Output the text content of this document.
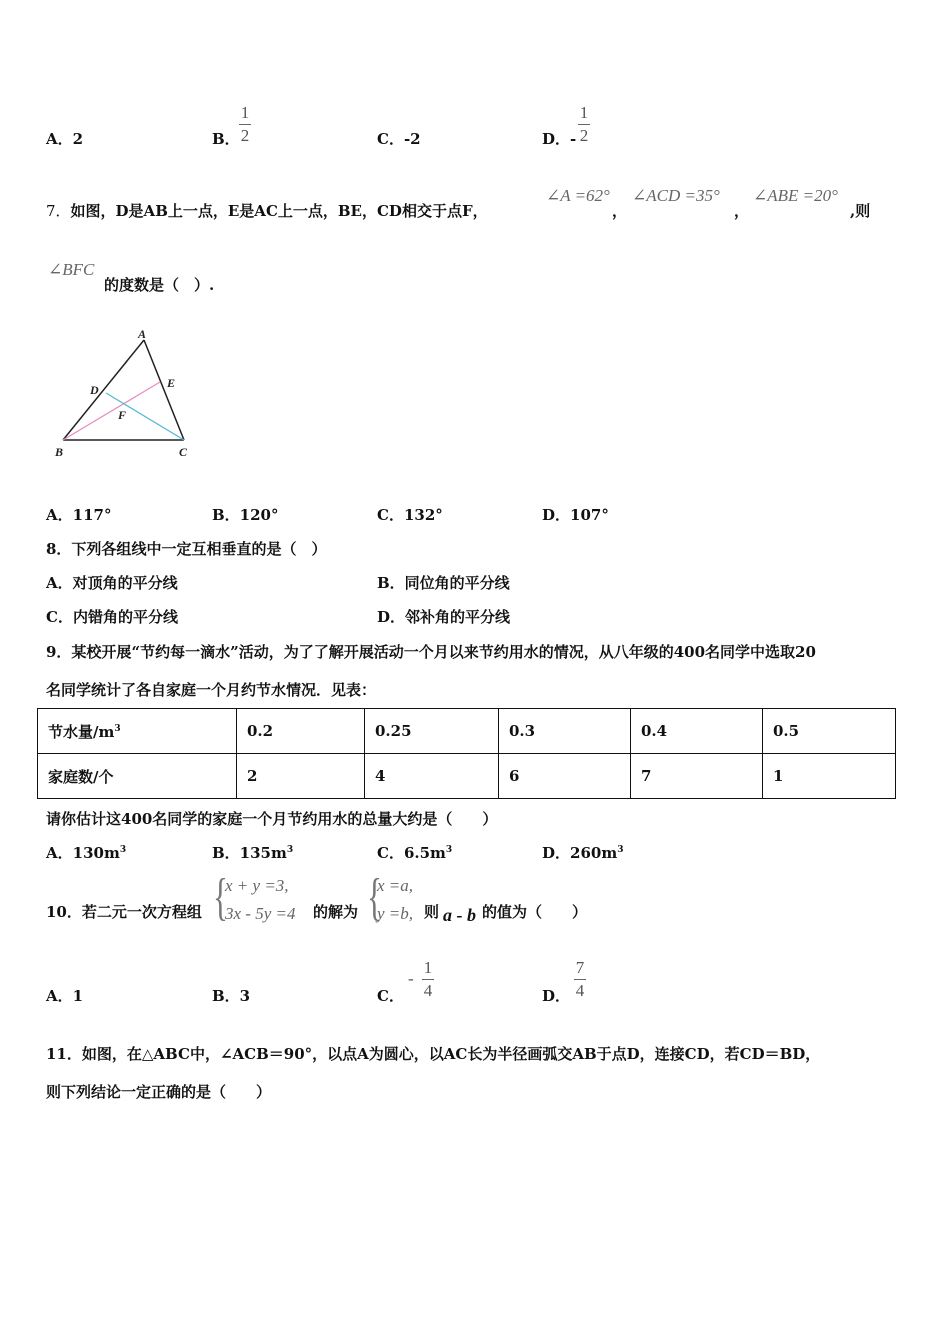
A．2	B．
1
2	C．-2	D．-
1
2
7．如图，D是AB上一点，E是AC上一点，BE，CD相交于点F，
∠A =62°
，
∠ACD =35°
，
∠ABE =20°
,则
∠BFC
的度数是（　）.
A
B	C
D	E
F
A．117°	B．120°	C．132°	D．107°
8．下列各组线中一定互相垂直的是（　）
A．对顶角的平分线	B．同位角的平分线
C．内错角的平分线	D．邻补角的平分线
9．某校开展“节约每一滴水”活动，为了了解开展活动一个月以来节约用水的情况，从八年级的400名同学中选取20
名同学统计了各自家庭一个月约节水情况．见表：
节水量$/m^3$	0.2	0.25	0.3	0.4	0.5
家庭数/个	2	4	6	7	1
请你估计这400名同学的家庭一个月节约用水的总量大约是（　　）
A．$130m^3$	B．$135m^3$	C．$6.5m^3$	D．$260m^3$
10．若二元一次方程组 {
x + y =3,
3x - 5y =4 的解为 {
x =a,
y =b, 则 a - b 的值为（　　）
A．1	B．3	C．
-
1
4	D．
7
4
11．如图，在△ABC中，∠ACB＝90°，以点A为圆心，以AC长为半径画弧交AB于点D，连接CD，若CD＝BD，
则下列结论一定正确的是（　　）
